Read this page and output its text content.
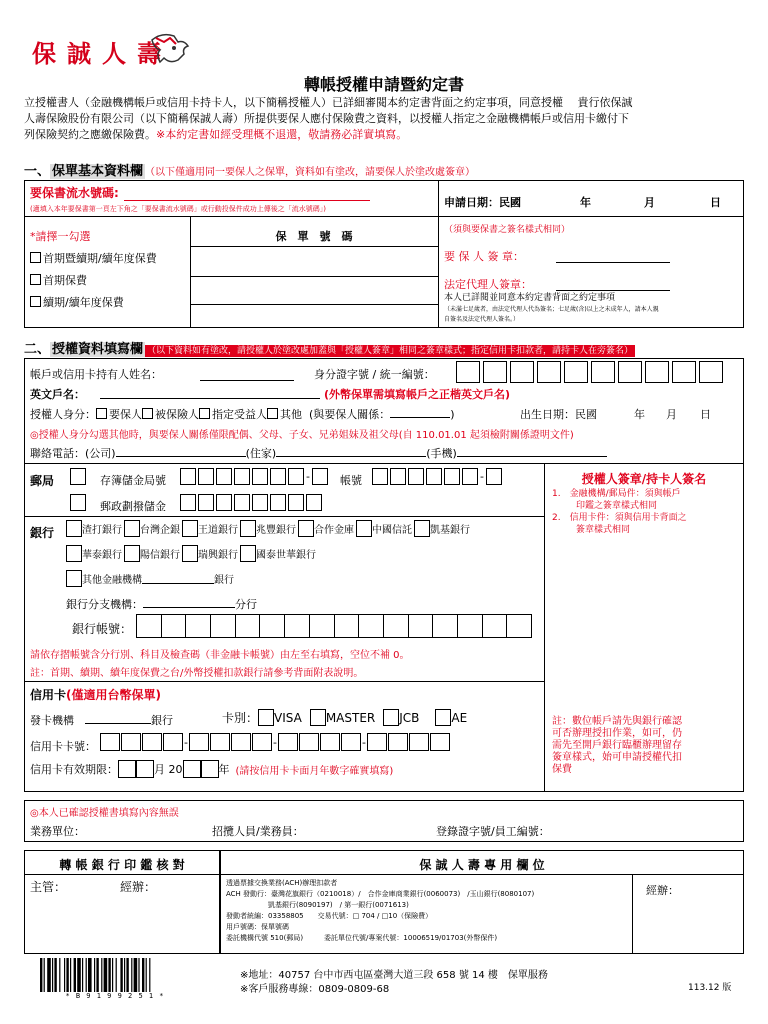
保誠人壽
轉帳授權申請暨約定書
立授權書人（金融機構帳戶或信用卡持卡人，以下簡稱授權人）已詳細審閱本約定書背面之約定事項，同意授權　 貴行依保誠
人壽保險股份有限公司（以下簡稱保誠人壽）所提供要保人應付保險費之資料，以授權人指定之金融機構帳戶或信用卡繳付下
列保險契約之應繳保險費。※本約定書如經受理概不退還，敬請務必詳實填寫。
一、 保單基本資料欄 （以下僅適用同一要保人之保單，資料如有塗改，請要保人於塗改處簽章）
要保書流水號碼:
(適填入本年要保書第一頁左下角之「要保書流水號碼」或行動投保件成功上傳後之「流水號碼」)	申請日期：民國	年	月	日
*請擇一勾選
首期暨續期/續年度保費
首期保費
續期/續年度保費
保　單　號　碼	（須與要保書之簽名樣式相同）
要 保 人 簽 章：
法定代理人簽章：
本人已詳閱並同意本約定書背面之約定事項
（未滿七足歲者，由法定代理人代為簽名；七足歲(含)以上之未成年人，請本人親
自簽名及法定代理人簽名。）
二、 授權資料填寫欄 （以下資料如有塗改，請授權人於塗改處加蓋與「授權人簽章」相同之簽章樣式；指定信用卡扣款者，請持卡人在旁簽名）
帳戶或信用卡持有人姓名：	身分證字號 / 統一編號：
英文戶名：	(外幣保單需填寫帳戶之正楷英文戶名)
授權人身分： 要保人 被保險人 指定受益人 其他 (與要保人關係：	)	出生日期：民國	年 月 日
◎授權人身分勾選其他時，與要保人關係僅限配偶、父母、子女、兄弟姐妹及祖父母(自 110.01.01 起須檢附關係證明文件)
聯絡電話：(公司)	(住家)	(手機)
郵局	存簿儲金局號	-	帳號	-
郵政劃撥儲金
授權人簽章/持卡人簽名
1.　金融機構/郵局件：須與帳戶
印鑑之簽章樣式相同
2.　信用卡件：須與信用卡背面之
簽章樣式相同
註：數位帳戶請先與銀行確認
可否辦理授扣作業，如可，仍
需先至開戶銀行臨櫃辦理留存
簽章樣式，始可申請授權代扣
保費
銀行	渣打銀行 台灣企銀 王道銀行 兆豐銀行 合作金庫 中國信託 凱基銀行
華泰銀行 陽信銀行 瑞興銀行 國泰世華銀行
其他金融機構	銀行
銀行分支機構：	分行
銀行帳號：
請依存摺帳號含分行別、科目及檢查碼（非金融卡帳號）由左至右填寫，空位不補 0。
註：首期、續期、續年度保費之台/外幣授權扣款銀行請參考背面附表說明。
信用卡(僅適用台幣保單)
發卡機構　	銀行	卡別： VISA MASTER JCB	AE
信用卡卡號：	-	-	-
信用卡有效期限：	月 20	年 (請按信用卡卡面月年數字確實填寫)
◎本人已確認授權書填寫內容無誤
業務單位：	招攬人員/業務員：	登錄證字號/員工編號：
轉 帳 銀 行 印 鑑 核 對
主管：	經辦：
保 誠 人 壽 專 用 欄 位
經辦：
透過票據交換業務(ACH)辦理扣款者
ACH 發動行：臺灣花旗銀行（0210018）/　合作金庫商業銀行(0060073)　/玉山銀行(8080107)
凱基銀行(8090197)　/ 第一銀行(0071613)
發動者統編：03358805　　交易代號：□ 704 / □10（保險費）
用戶號碼：保單號碼
委託機構代號 510(郵局)　　　委託單位代號/專案代號：10006519/01703(外幣保件)
* B 9 1 9 9 2 5 1 *
※地址：40757 台中市西屯區臺灣大道三段 658 號 14 樓　保單服務
※客戶服務專線：0809-0809-68	113.12 版
